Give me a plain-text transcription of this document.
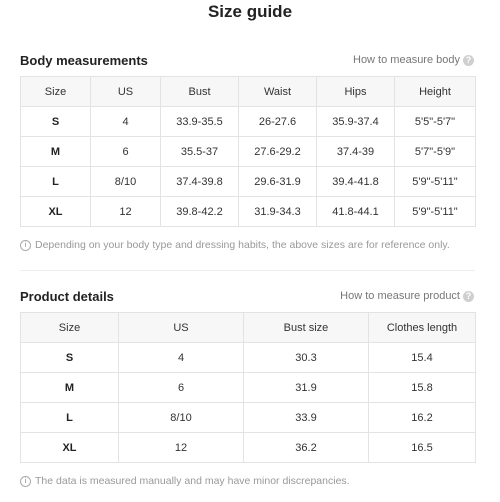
Size guide
Body measurements	How to measure body ?
Size	US	Bust	Waist	Hips	Height
S	4	33.9-35.5	26-27.6	35.9-37.4	5'5"-5'7"
M	6	35.5-37	27.6-29.2	37.4-39	5'7"-5'9"
L	8/10	37.4-39.8	29.6-31.9	39.4-41.8	5'9"-5'11"
XL	12	39.8-42.2	31.9-34.3	41.8-44.1	5'9"-5'11"
i Depending on your body type and dressing habits, the above sizes are for reference only.
Product details	How to measure product ?
Size	US	Bust size	Clothes length
S	4	30.3	15.4
M	6	31.9	15.8
L	8/10	33.9	16.2
XL	12	36.2	16.5
i The data is measured manually and may have minor discrepancies.
